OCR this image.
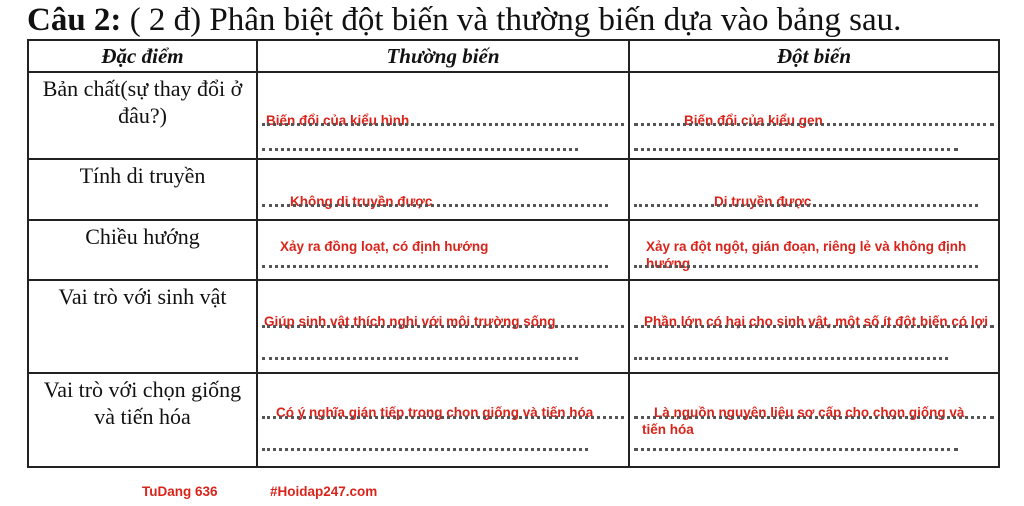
Câu 2: ( 2 đ) Phân biệt đột biến và thường biến dựa vào bảng sau.
Đặc điểm	Thường biến	Đột biến

Bản chất(sự thay đổi ở đâu?)	Biến đổi của kiểu hình	Biến đổi của kiểu gen

Tính di truyền	Không di truyền được	Di truyền được

Chiều hướng	Xảy ra đồng loạt, có định hướng	Xảy ra đột ngột, gián đoạn, riêng lẻ và không định hướng

Vai trò với sinh vật	Giúp sinh vật thích nghi với môi trường sống	Phần lớn có hại cho sinh vật, một số ít đột biến có lợi

Vai trò với chọn giống và tiến hóa	Có ý nghĩa gián tiếp trong chọn giống và tiến hóa	Là nguồn nguyên liệu sơ cấp cho chọn giống và tiến hóa
TuDang 636	#Hoidap247.com
